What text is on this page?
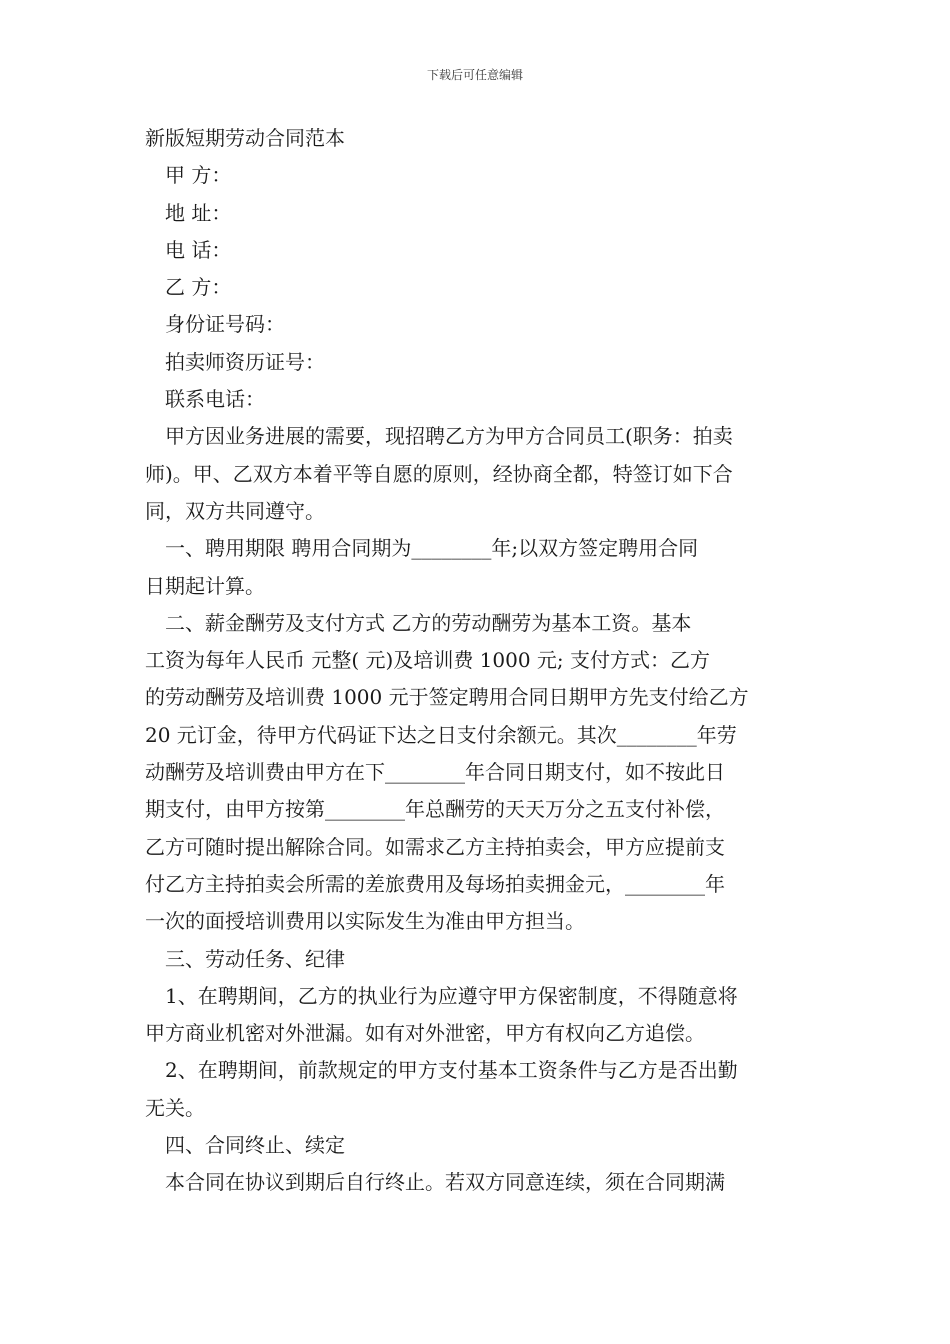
下载后可任意编辑
新版短期劳动合同范本
甲 方：
地 址：
电 话：
乙 方：
身份证号码：
拍卖师资历证号：
联系电话：
甲方因业务进展的需要，现招聘乙方为甲方合同员工(职务：拍卖
师)。甲、乙双方本着平等自愿的原则，经协商全都，特签订如下合
同，双方共同遵守。
一、聘用期限 聘用合同期为________年;以双方签定聘用合同
日期起计算。
二、薪金酬劳及支付方式 乙方的劳动酬劳为基本工资。基本
工资为每年人民币 元整( 元)及培训费 1000 元; 支付方式：乙方
的劳动酬劳及培训费 1000 元于签定聘用合同日期甲方先支付给乙方
20 元订金，待甲方代码证下达之日支付余额元。其次________年劳
动酬劳及培训费由甲方在下________年合同日期支付，如不按此日
期支付，由甲方按第________年总酬劳的天天万分之五支付补偿，
乙方可随时提出解除合同。如需求乙方主持拍卖会，甲方应提前支
付乙方主持拍卖会所需的差旅费用及每场拍卖拥金元，________年
一次的面授培训费用以实际发生为准由甲方担当。
三、劳动任务、纪律
1、在聘期间，乙方的执业行为应遵守甲方保密制度，不得随意将
甲方商业机密对外泄漏。如有对外泄密，甲方有权向乙方追偿。
2、在聘期间，前款规定的甲方支付基本工资条件与乙方是否出勤
无关。
四、合同终止、续定
本合同在协议到期后自行终止。若双方同意连续，须在合同期满
